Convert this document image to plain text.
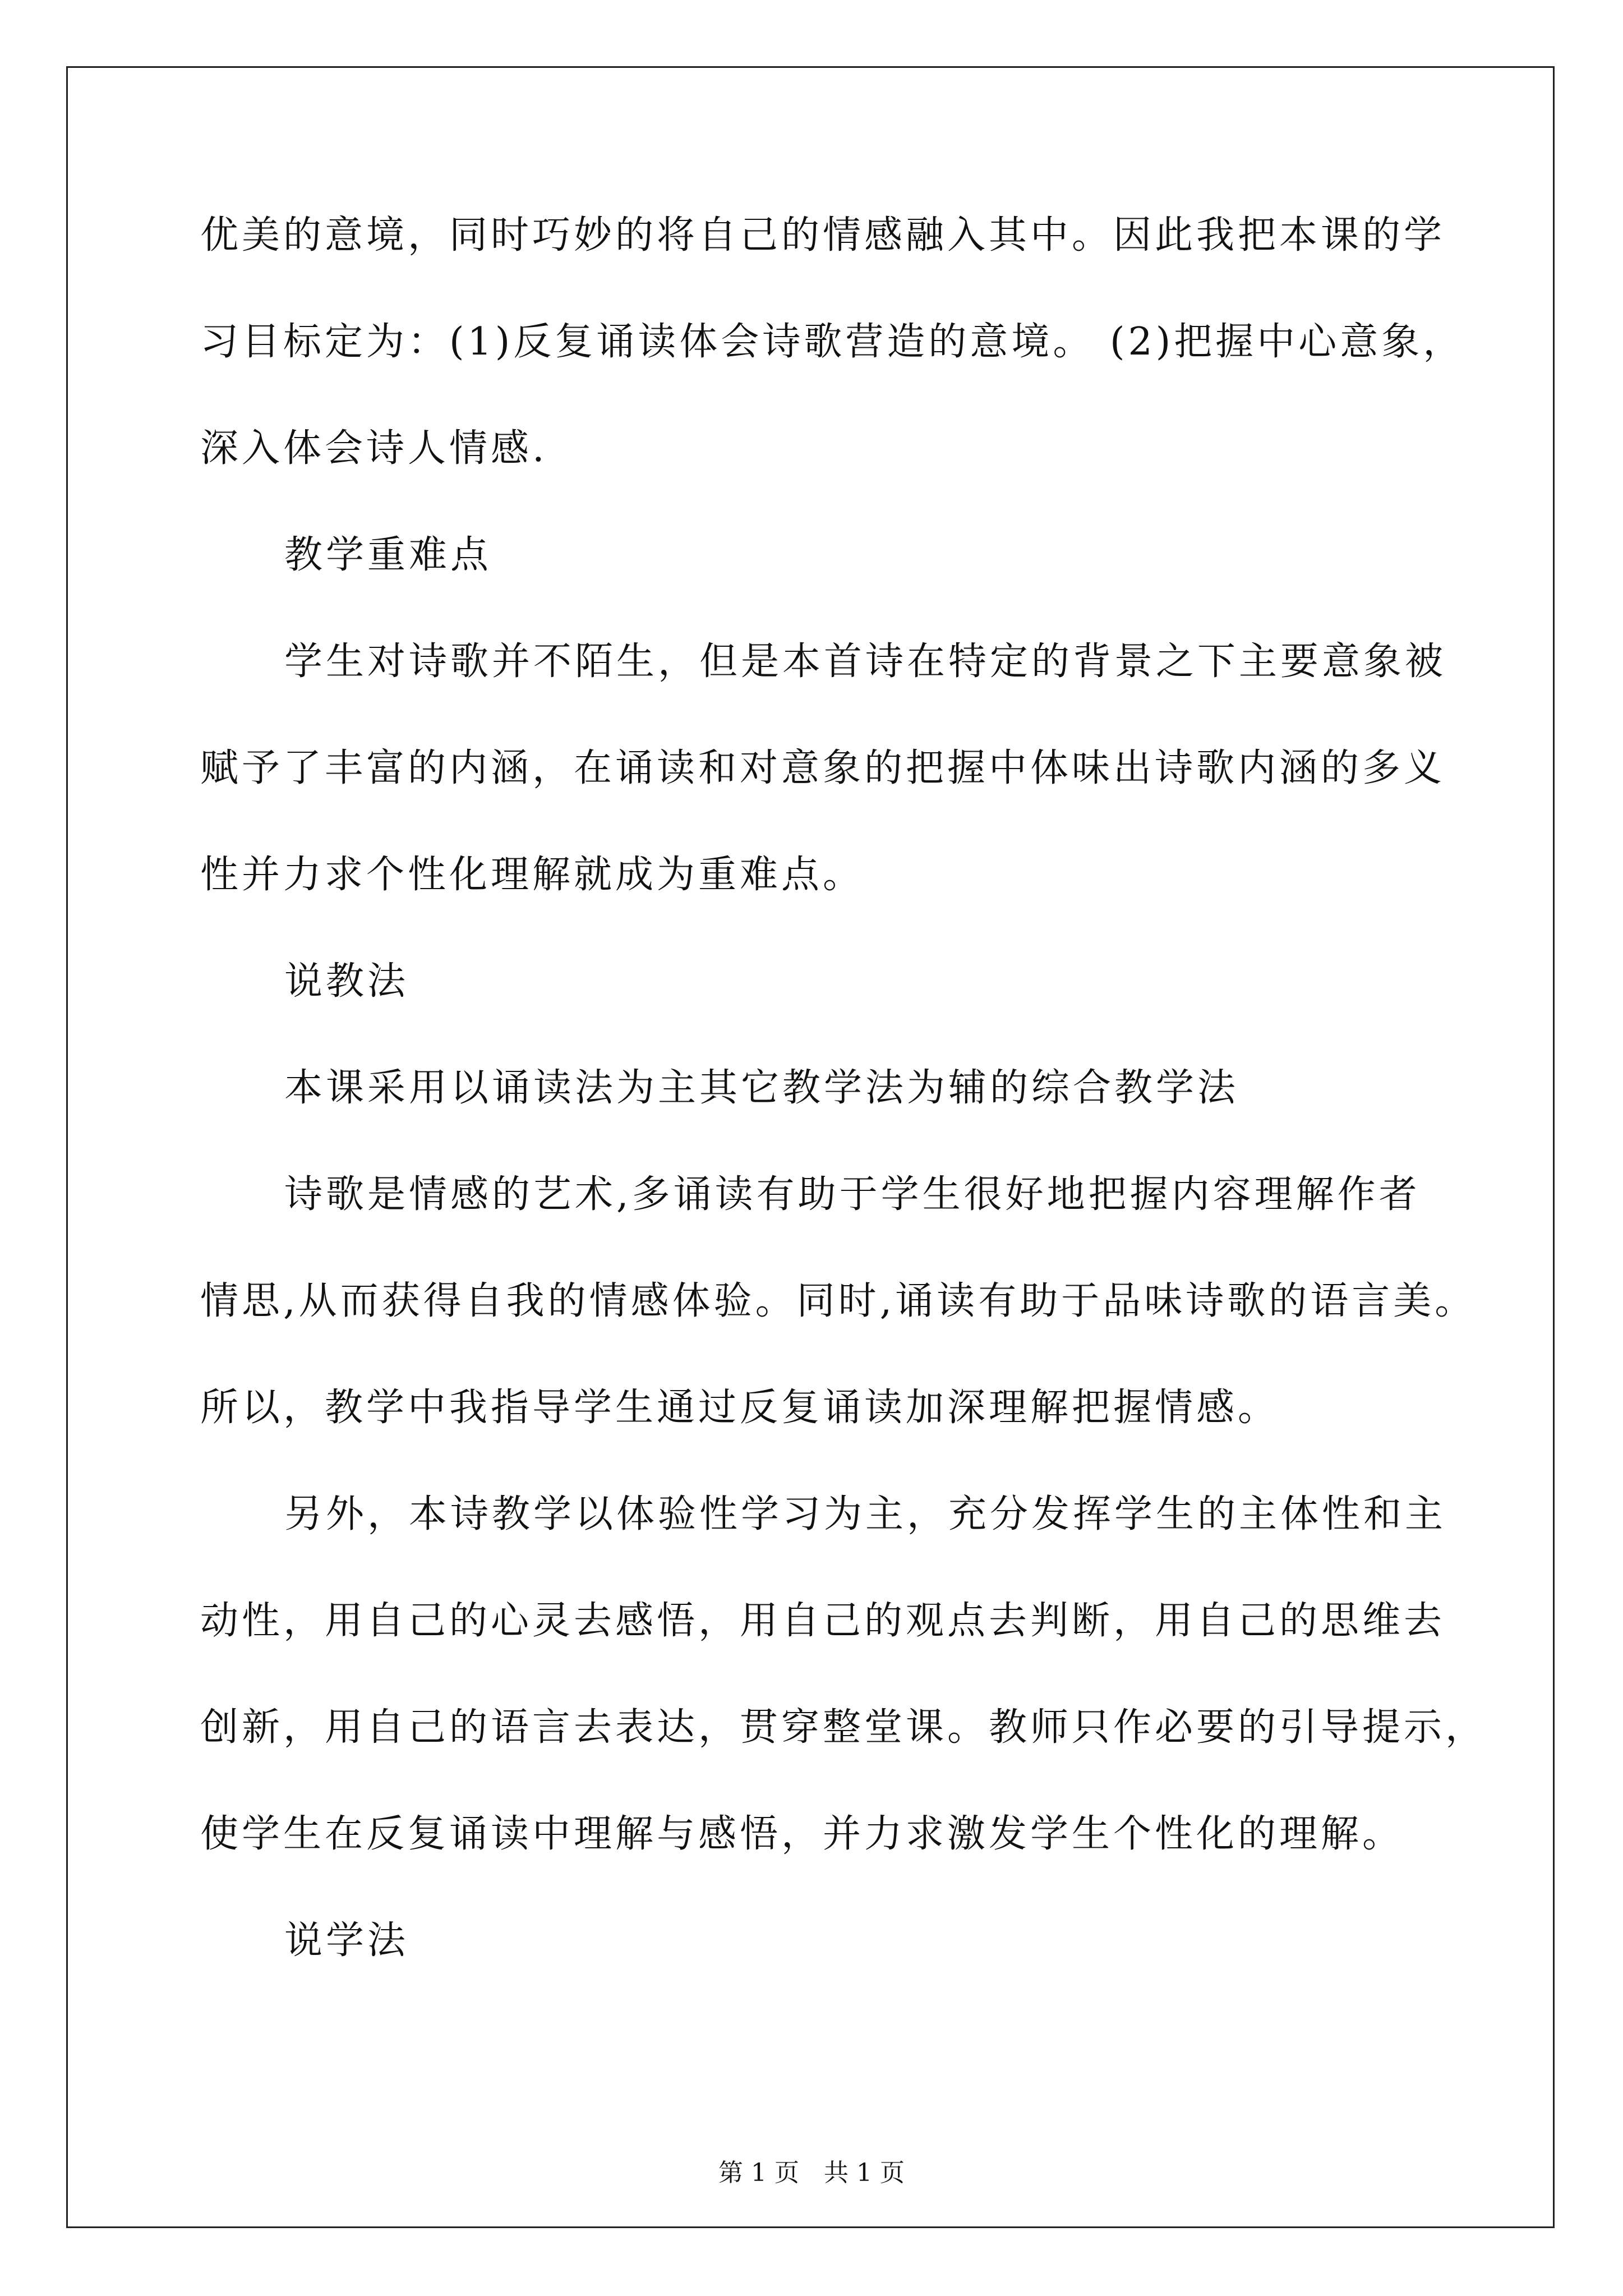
优美的意境，同时巧妙的将自己的情感融入其中。因此我把本课的学
习目标定为：(1)反复诵读体会诗歌营造的意境。 (2)把握中心意象，
深入体会诗人情感.
教学重难点
学生对诗歌并不陌生，但是本首诗在特定的背景之下主要意象被
赋予了丰富的内涵，在诵读和对意象的把握中体味出诗歌内涵的多义
性并力求个性化理解就成为重难点。
说教法
本课采用以诵读法为主其它教学法为辅的综合教学法
诗歌是情感的艺术,多诵读有助于学生很好地把握内容理解作者
情思,从而获得自我的情感体验。同时,诵读有助于品味诗歌的语言美。
所以，教学中我指导学生通过反复诵读加深理解把握情感。
另外，本诗教学以体验性学习为主，充分发挥学生的主体性和主
动性，用自己的心灵去感悟，用自己的观点去判断，用自己的思维去
创新，用自己的语言去表达，贯穿整堂课。教师只作必要的引导提示，
使学生在反复诵读中理解与感悟，并力求激发学生个性化的理解。
说学法
第 1 页　共 1 页
